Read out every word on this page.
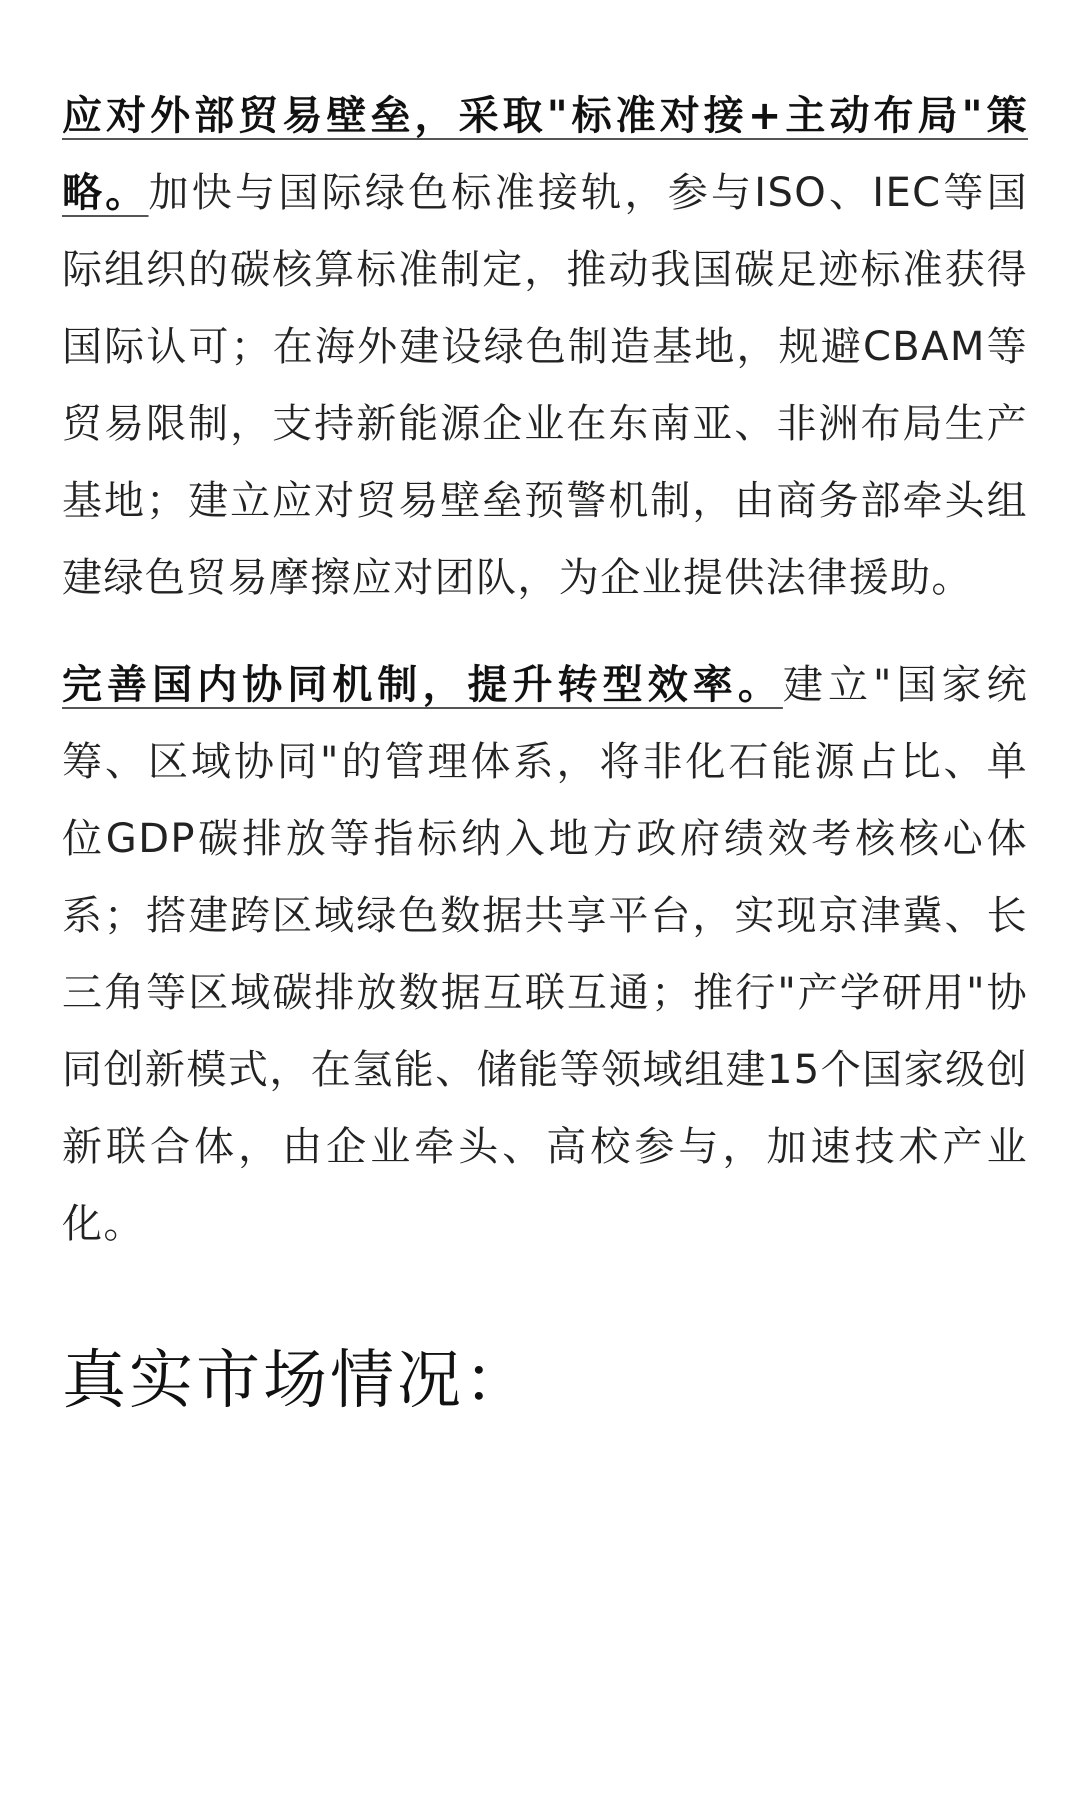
应对外部贸易壁垒，采取"标准对接+主动布局"策略。加快与国际绿色标准接轨，参与ISO、IEC等国际组织的碳核算标准制定，推动我国碳足迹标准获得国际认可；在海外建设绿色制造基地，规避CBAM等贸易限制，支持新能源企业在东南亚、非洲布局生产基地；建立应对贸易壁垒预警机制，由商务部牵头组建绿色贸易摩擦应对团队，为企业提供法律援助。

完善国内协同机制，提升转型效率。建立"国家统筹、区域协同"的管理体系，将非化石能源占比、单位GDP碳排放等指标纳入地方政府绩效考核核心体系；搭建跨区域绿色数据共享平台，实现京津冀、长三角等区域碳排放数据互联互通；推行"产学研用"协同创新模式，在氢能、储能等领域组建15个国家级创新联合体，由企业牵头、高校参与，加速技术产业化。

真实市场情况：
